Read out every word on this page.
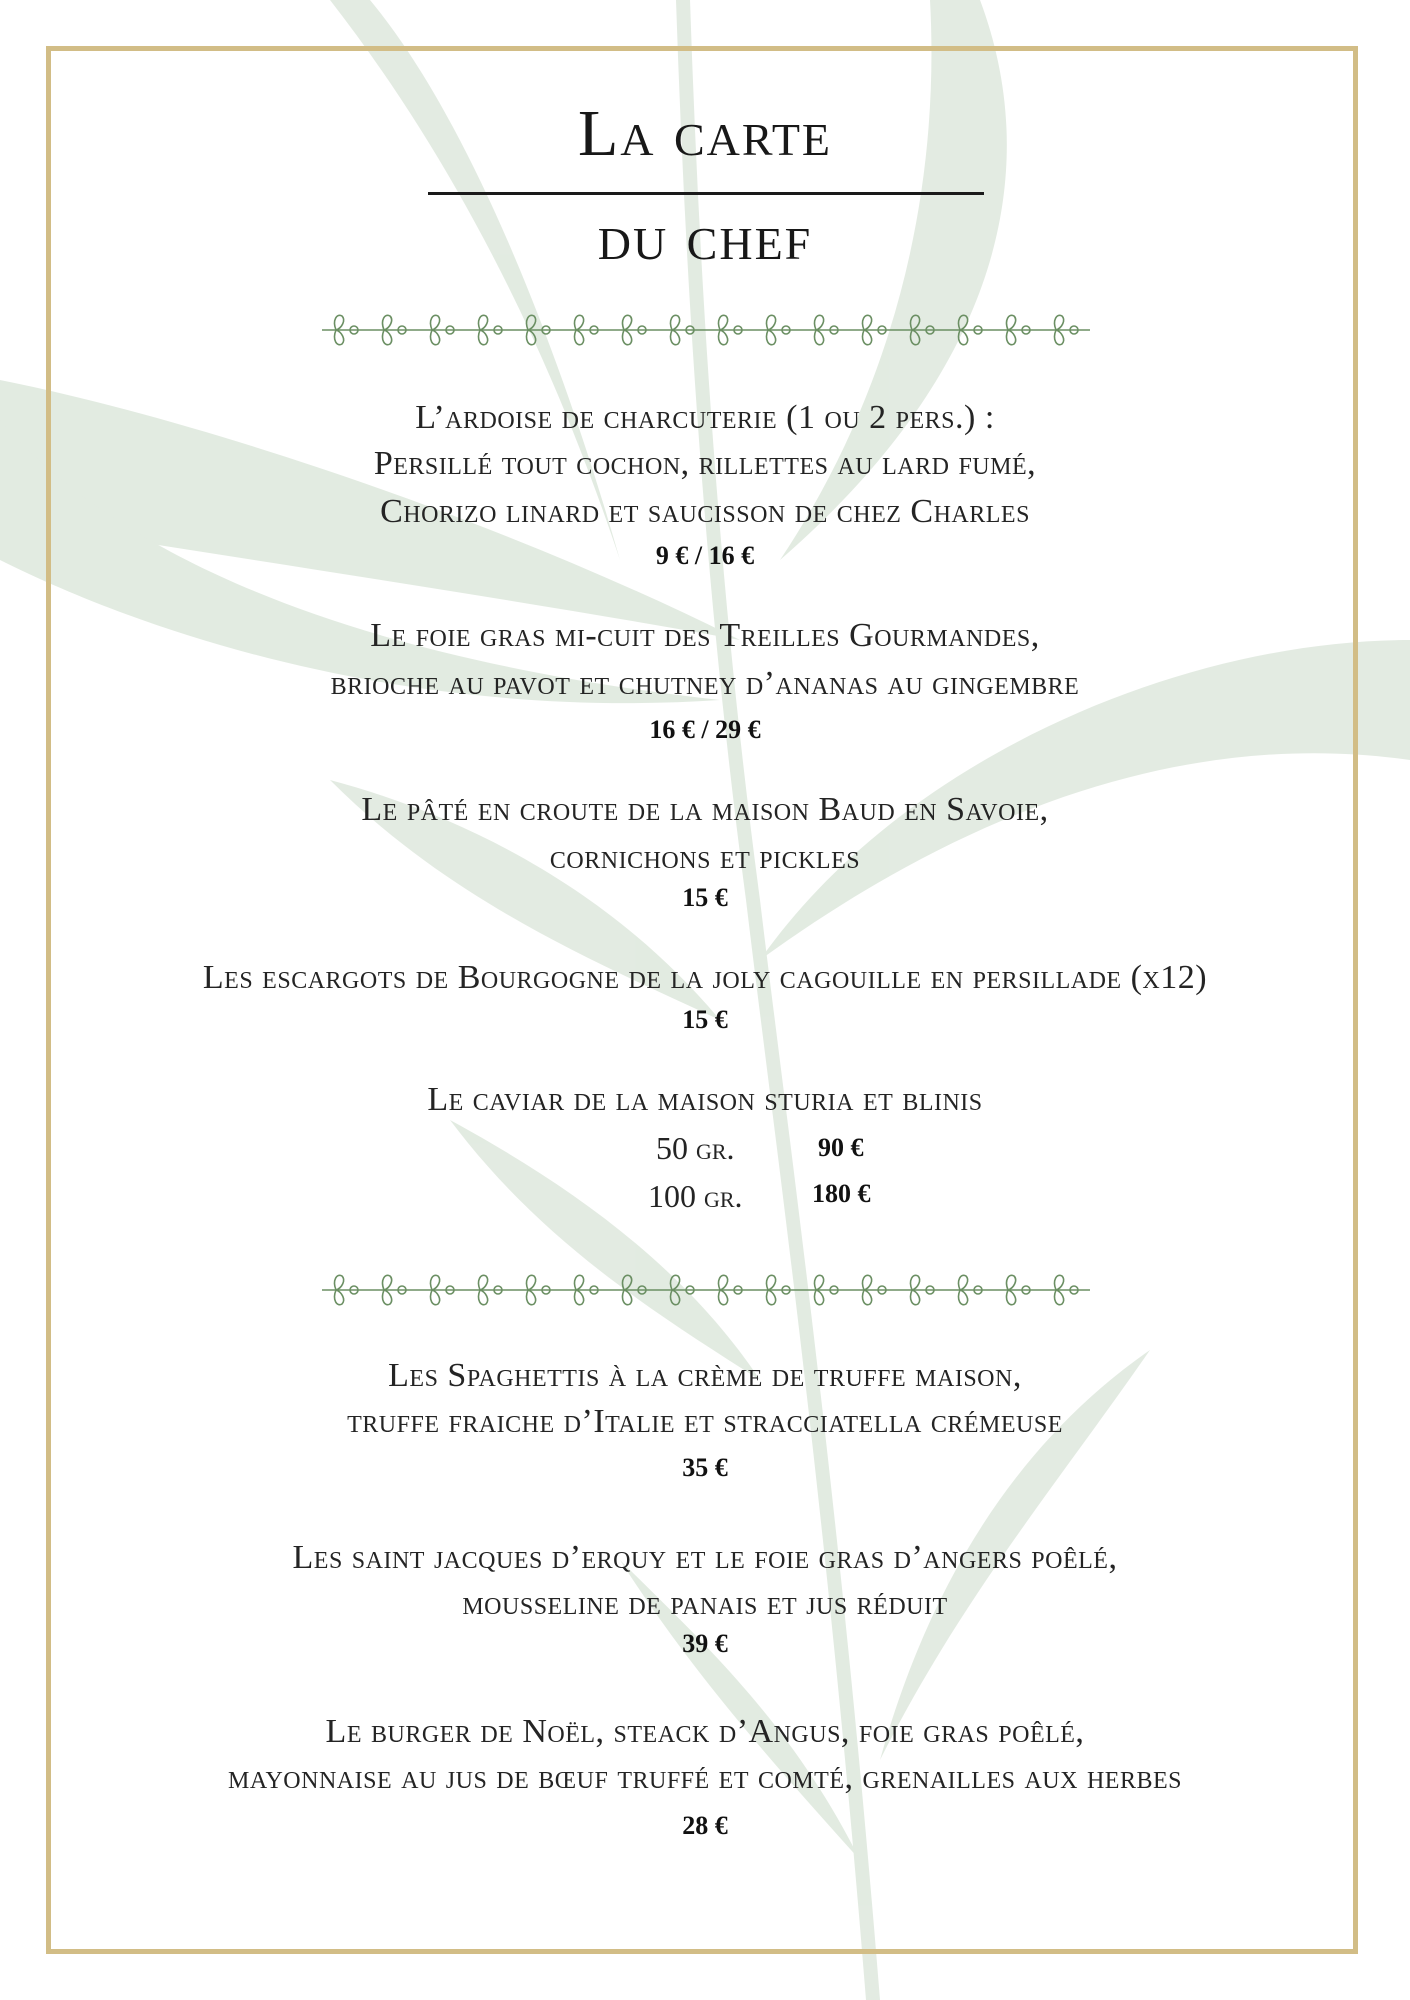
La carte
du chef
L’ardoise de charcuterie (1 ou 2 pers.) :
Persillé tout cochon, rillettes au lard fumé,
Chorizo linard et saucisson de chez Charles
9 € / 16 €
Le foie gras mi-cuit des Treilles Gourmandes,
brioche au pavot et chutney d’ananas au gingembre
16 € / 29 €
Le pâté en croute de la maison Baud en Savoie,
cornichons et pickles
15 €
Les escargots de Bourgogne de la joly cagouille en persillade (x12)
15 €
Le caviar de la maison sturia et blinis
50 gr.	90 €
100 gr.	180 €
Les Spaghettis à la crème de truffe maison,
truffe fraiche d’Italie et stracciatella crémeuse
35 €
Les saint jacques d’erquy et le foie gras d’angers poêlé,
mousseline de panais et jus réduit
39 €
Le burger de Noël, steack d’Angus, foie gras poêlé,
mayonnaise au jus de bœuf truffé et comté, grenailles aux herbes
28 €
